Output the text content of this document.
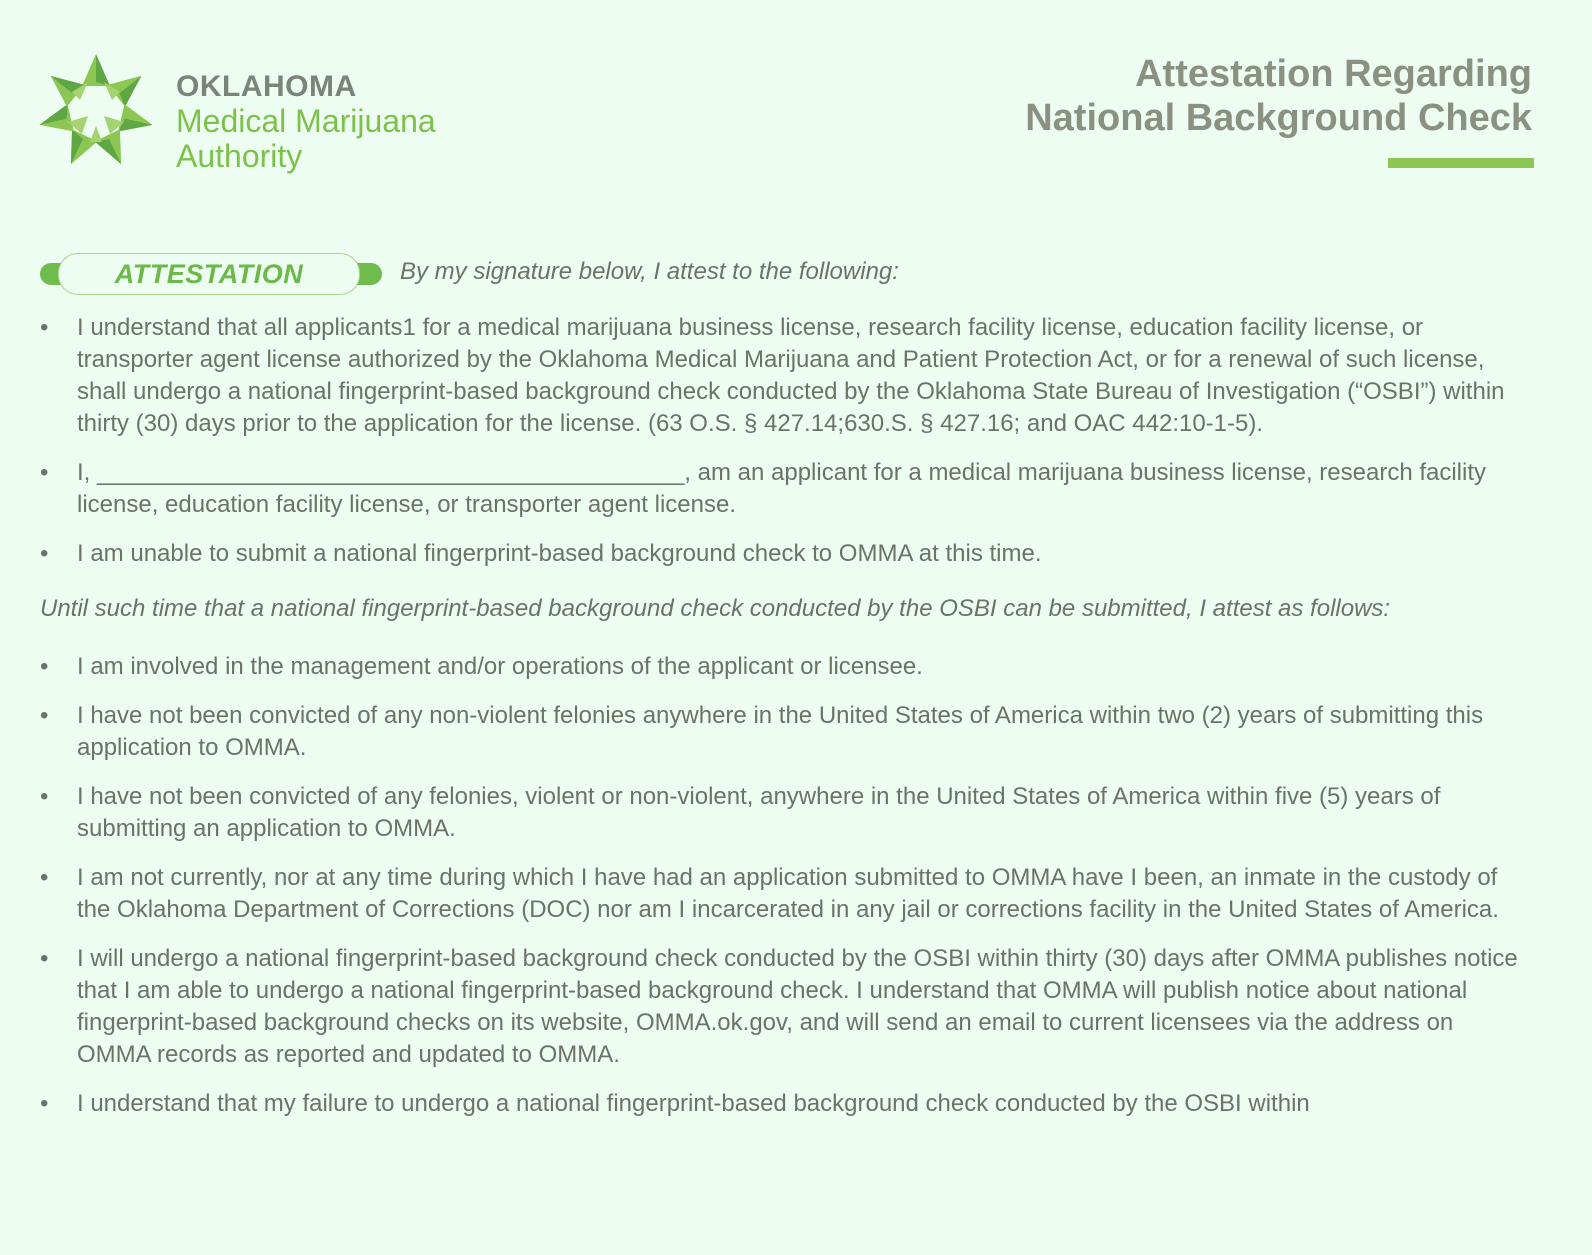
OKLAHOMA
Medical Marijuana
Authority
Attestation Regarding
National Background Check
ATTESTATION	By my signature below, I attest to the following:
• I understand that all applicants1 for a medical marijuana business license, research facility license, education facility license, or transporter agent license authorized by the Oklahoma Medical Marijuana and Patient Protection Act, or for a renewal of such license, shall undergo a national fingerprint-based background check conducted by the Oklahoma State Bureau of Investigation (“OSBI”) within thirty (30) days prior to the application for the license. (63 O.S. § 427.14;630.S. § 427.16; and OAC 442:10-1-5).
• I, ____________________________________________, am an applicant for a medical marijuana business license, research facility license, education facility license, or transporter agent license.
• I am unable to submit a national fingerprint-based background check to OMMA at this time.
Until such time that a national fingerprint-based background check conducted by the OSBI can be submitted, I attest as follows:
• I am involved in the management and/or operations of the applicant or licensee.
• I have not been convicted of any non-violent felonies anywhere in the United States of America within two (2) years of submitting this application to OMMA.
• I have not been convicted of any felonies, violent or non-violent, anywhere in the United States of America within five (5) years of submitting an application to OMMA.
• I am not currently, nor at any time during which I have had an application submitted to OMMA have I been, an inmate in the custody of the Oklahoma Department of Corrections (DOC) nor am I incarcerated in any jail or corrections facility in the United States of America.
• I will undergo a national fingerprint-based background check conducted by the OSBI within thirty (30) days after OMMA publishes notice that I am able to undergo a national fingerprint-based background check. I understand that OMMA will publish notice about national fingerprint-based background checks on its website, OMMA.ok.gov, and will send an email to current licensees via the address on OMMA records as reported and updated to OMMA.
• I understand that my failure to undergo a national fingerprint-based background check conducted by the OSBI within
